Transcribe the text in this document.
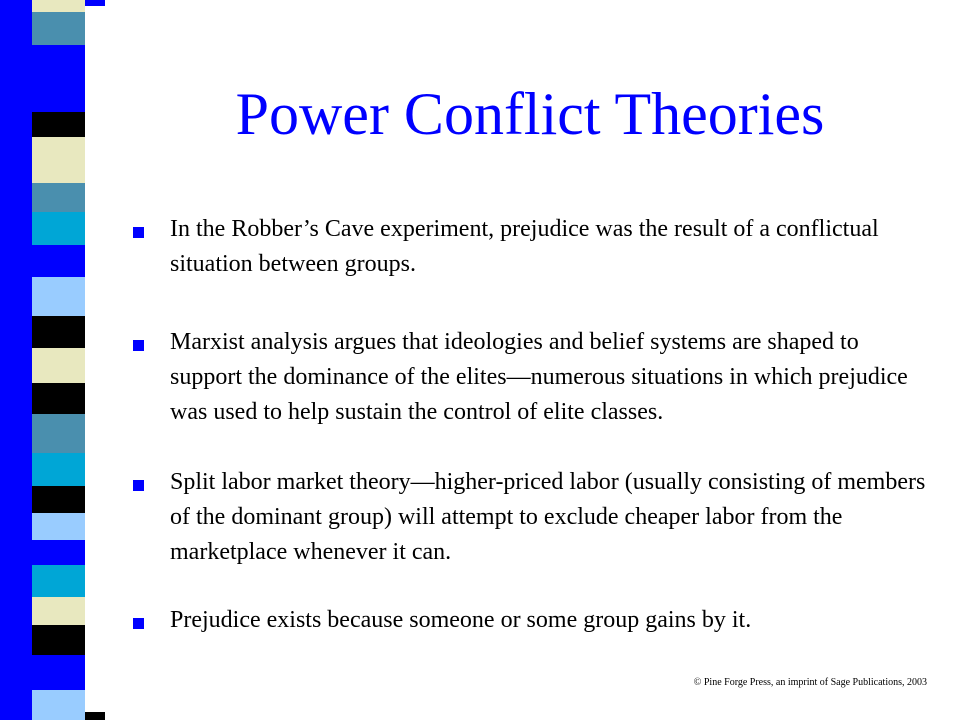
Power Conflict Theories
In the Robber’s Cave experiment, prejudice was the result of a conflictual situation between groups.
Marxist analysis argues that ideologies and belief systems are shaped to support the dominance of the elites—numerous situations in which prejudice was used to help sustain the control of elite classes.
Split labor market theory—higher-priced labor (usually consisting of members of the dominant group) will attempt to exclude cheaper labor from the marketplace whenever it can.
Prejudice exists because someone or some group gains by it.
© Pine Forge Press, an imprint of Sage Publications, 2003
